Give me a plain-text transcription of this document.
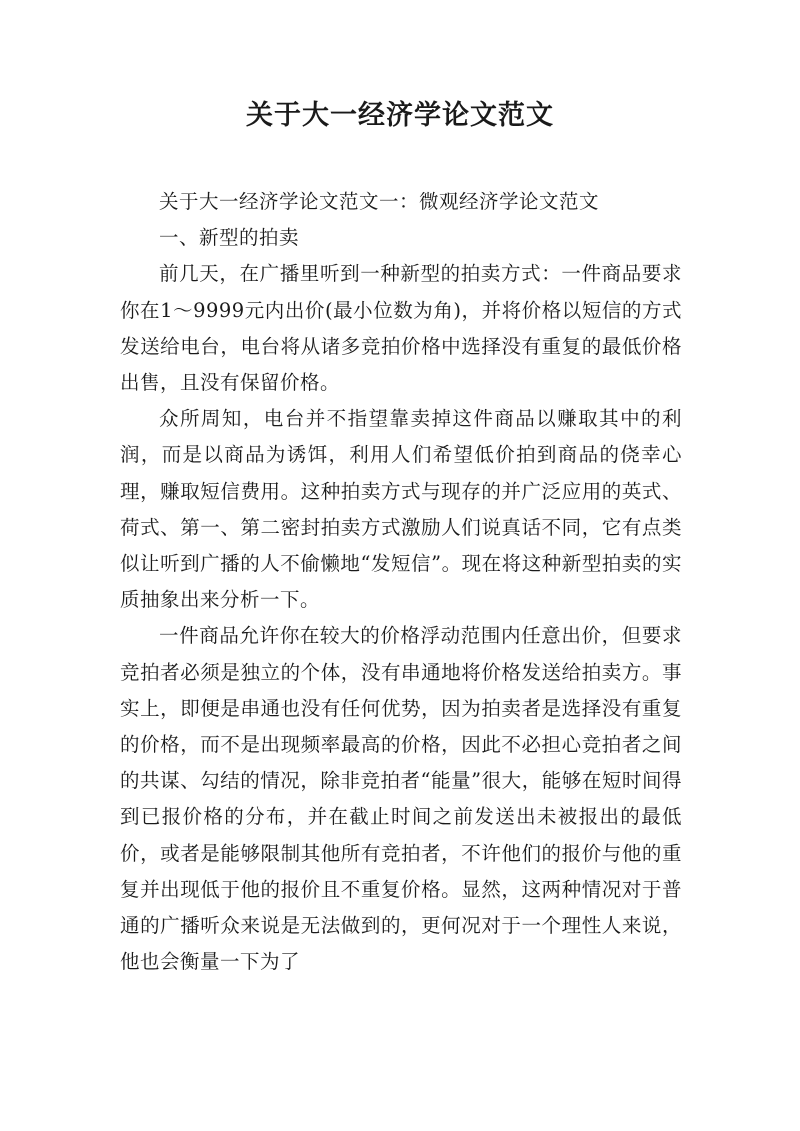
关于大一经济学论文范文

关于大一经济学论文范文一：微观经济学论文范文

一、新型的拍卖

前几天，在广播里听到一种新型的拍卖方式：一件商品要求你在1～9999元内出价(最小位数为角)，并将价格以短信的方式发送给电台，电台将从诸多竞拍价格中选择没有重复的最低价格出售，且没有保留价格。

众所周知，电台并不指望靠卖掉这件商品以赚取其中的利润，而是以商品为诱饵，利用人们希望低价拍到商品的侥幸心理，赚取短信费用。这种拍卖方式与现存的并广泛应用的英式、荷式、第一、第二密封拍卖方式激励人们说真话不同，它有点类似让听到广播的人不偷懒地“发短信”。现在将这种新型拍卖的实质抽象出来分析一下。

一件商品允许你在较大的价格浮动范围内任意出价，但要求竞拍者必须是独立的个体，没有串通地将价格发送给拍卖方。事实上，即便是串通也没有任何优势，因为拍卖者是选择没有重复的价格，而不是出现频率最高的价格，因此不必担心竞拍者之间的共谋、勾结的情况，除非竞拍者“能量”很大，能够在短时间得到已报价格的分布，并在截止时间之前发送出未被报出的最低价，或者是能够限制其他所有竞拍者，不许他们的报价与他的重复并出现低于他的报价且不重复价格。显然，这两种情况对于普通的广播听众来说是无法做到的，更何况对于一个理性人来说，他也会衡量一下为了
